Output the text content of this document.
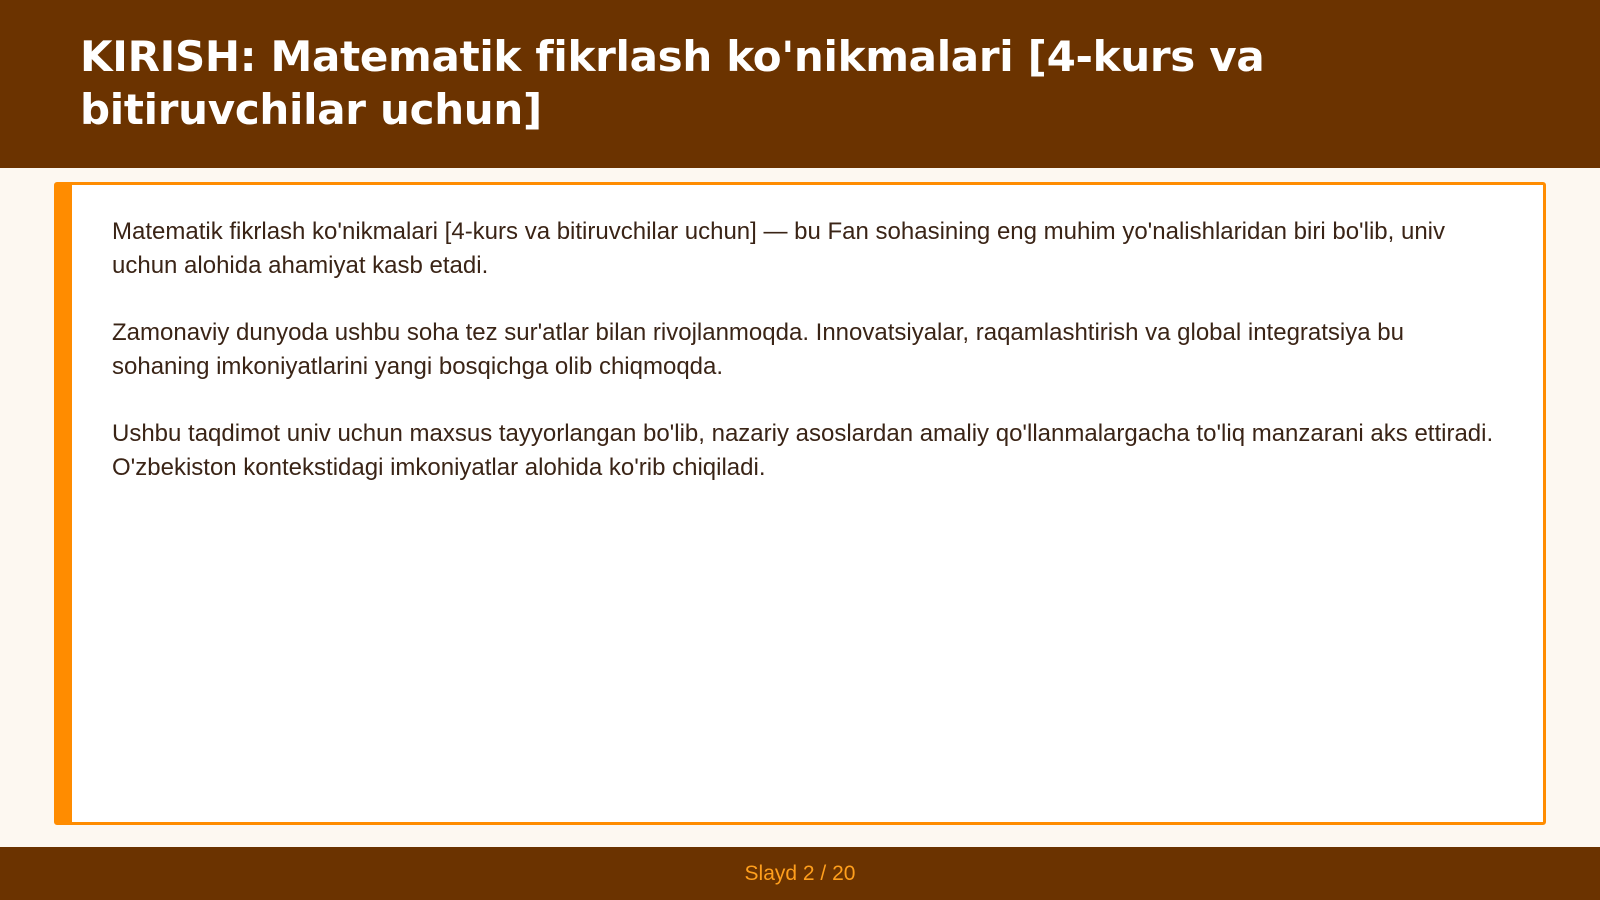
KIRISH: Matematik fikrlash ko'nikmalari [4-kurs va bitiruvchilar uchun]

Matematik fikrlash ko'nikmalari [4-kurs va bitiruvchilar uchun] — bu Fan sohasining eng muhim yo'nalishlaridan biri bo'lib, univ uchun alohida ahamiyat kasb etadi.

Zamonaviy dunyoda ushbu soha tez sur'atlar bilan rivojlanmoqda. Innovatsiyalar, raqamlashtirish va global integratsiya bu sohaning imkoniyatlarini yangi bosqichga olib chiqmoqda.

Ushbu taqdimot univ uchun maxsus tayyorlangan bo'lib, nazariy asoslardan amaliy qo'llanmalargacha to'liq manzarani aks ettiradi. O'zbekiston kontekstidagi imkoniyatlar alohida ko'rib chiqiladi.

Slayd 2 / 20
